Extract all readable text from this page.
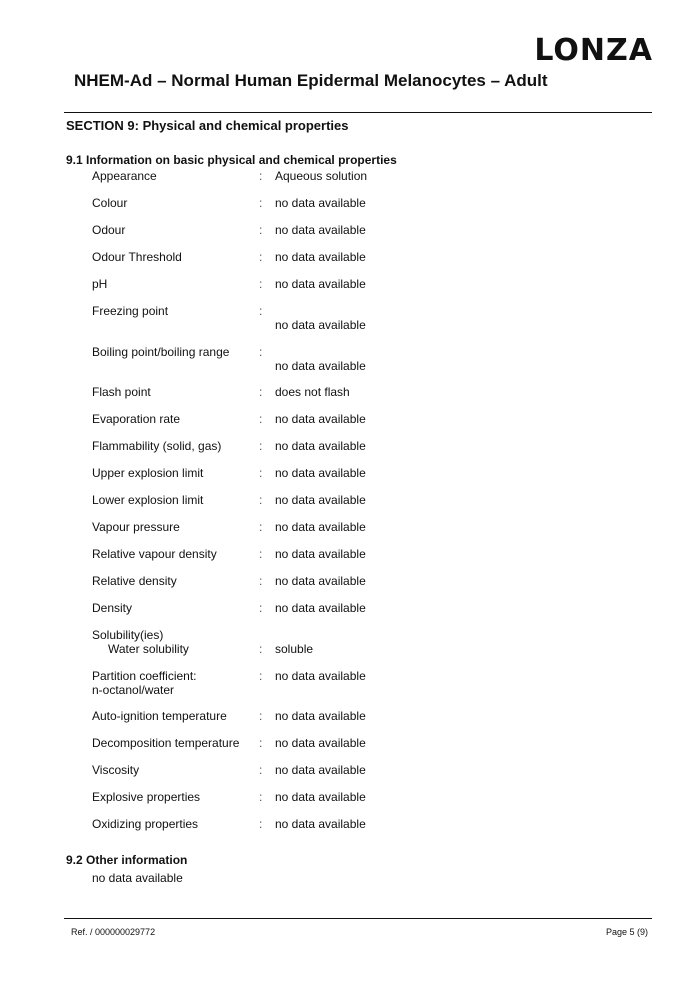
LONZA
NHEM-Ad – Normal Human Epidermal Melanocytes – Adult
SECTION 9: Physical and chemical properties
9.1 Information on basic physical and chemical properties
Appearance	: Aqueous solution
Colour	: no data available
Odour	: no data available
Odour Threshold	: no data available
pH	: no data available
Freezing point	:
no data available
Boiling point/boiling range	:
no data available
Flash point	: does not flash
Evaporation rate	: no data available
Flammability (solid, gas)	: no data available
Upper explosion limit	: no data available
Lower explosion limit	: no data available
Vapour pressure	: no data available
Relative vapour density	: no data available
Relative density	: no data available
Density	: no data available
Solubility(ies)
Water solubility	: soluble
Partition coefficient: n-octanol/water
: no data available
Auto-ignition temperature	: no data available
Decomposition temperature	: no data available
Viscosity	: no data available
Explosive properties	: no data available
Oxidizing properties	: no data available
9.2 Other information
no data available
Ref. / 000000029772	Page 5 (9)
